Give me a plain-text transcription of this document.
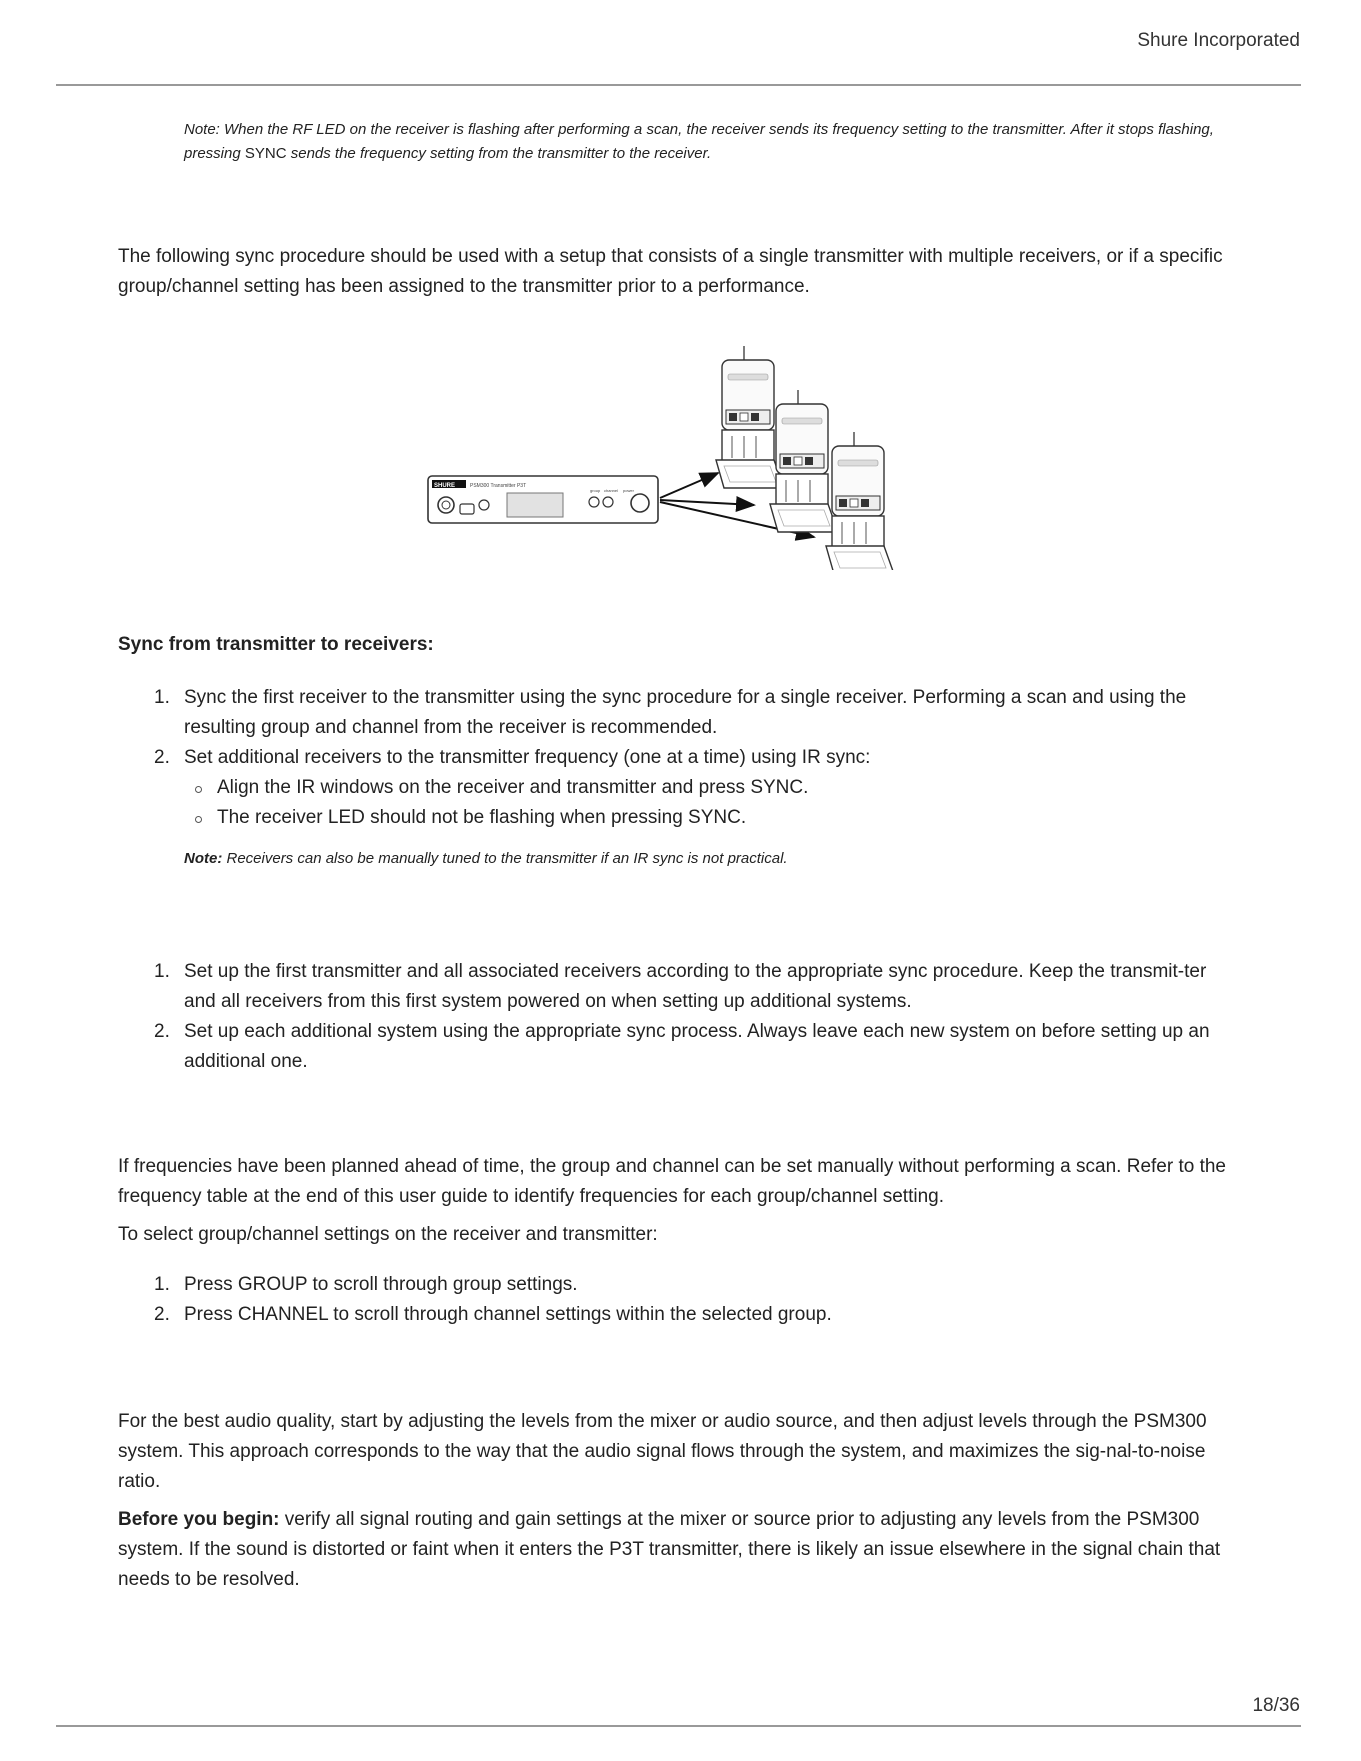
Shure Incorporated

Note: When the RF LED on the receiver is flashing after performing a scan, the receiver sends its frequency setting to the transmitter. After it stops flashing, pressing SYNC sends the frequency setting from the transmitter to the receiver.

The following sync procedure should be used with a setup that consists of a single transmitter with multiple receivers, or if a specific group/channel setting has been assigned to the transmitter prior to a performance.

SHURE	PSM300 Transmitter P3T
group channel power

Sync from transmitter to receivers:

1. Sync the first receiver to the transmitter using the sync procedure for a single receiver. Performing a scan and using the resulting group and channel from the receiver is recommended.
2. Set additional receivers to the transmitter frequency (one at a time) using IR sync:
Align the IR windows on the receiver and transmitter and press SYNC.
The receiver LED should not be flashing when pressing SYNC.

Note: Receivers can also be manually tuned to the transmitter if an IR sync is not practical.

1. Set up the first transmitter and all associated receivers according to the appropriate sync procedure. Keep the transmit-ter and all receivers from this first system powered on when setting up additional systems.
2. Set up each additional system using the appropriate sync process. Always leave each new system on before setting up an additional one.

If frequencies have been planned ahead of time, the group and channel can be set manually without performing a scan. Refer to the frequency table at the end of this user guide to identify frequencies for each group/channel setting.

To select group/channel settings on the receiver and transmitter:

1. Press GROUP to scroll through group settings.
2. Press CHANNEL to scroll through channel settings within the selected group.

For the best audio quality, start by adjusting the levels from the mixer or audio source, and then adjust levels through the PSM300 system. This approach corresponds to the way that the audio signal flows through the system, and maximizes the sig-nal-to-noise ratio.

Before you begin: verify all signal routing and gain settings at the mixer or source prior to adjusting any levels from the PSM300 system. If the sound is distorted or faint when it enters the P3T transmitter, there is likely an issue elsewhere in the signal chain that needs to be resolved.

18/36
